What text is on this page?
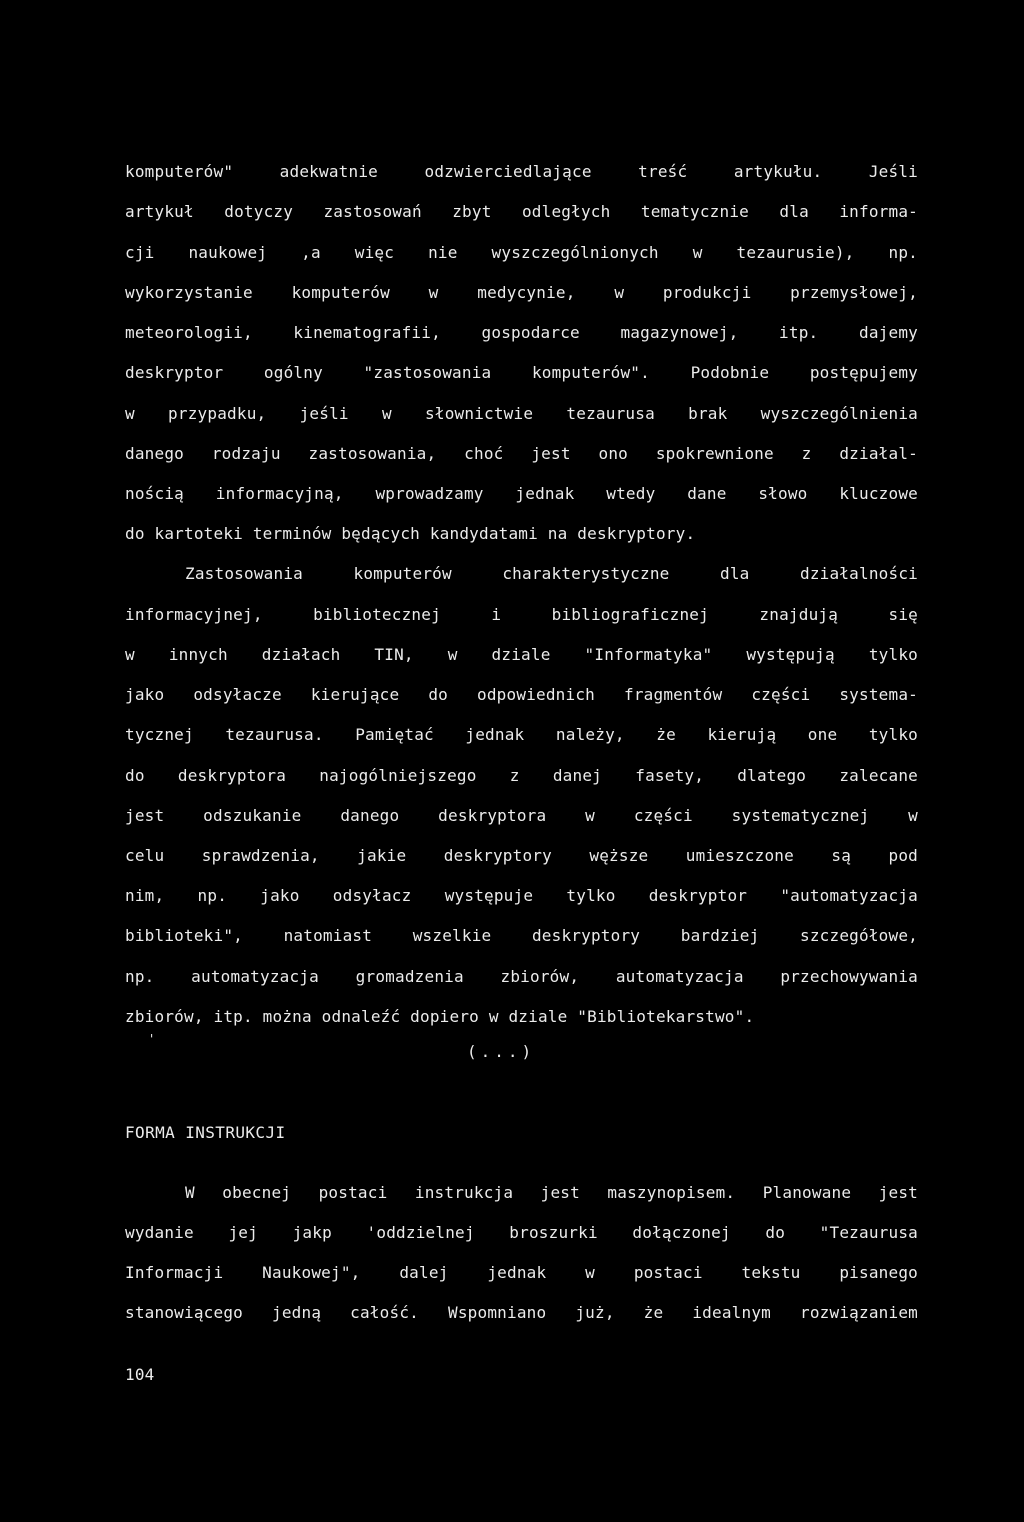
komputerów" adekwatnie odzwierciedlające treść artykułu. Jeśli
artykuł dotyczy zastosowań zbyt odległych tematycznie dla informa-
cji naukowej ,a więc nie wyszczególnionych w tezaurusie), np.
wykorzystanie komputerów w medycynie, w produkcji przemysłowej,
meteorologii, kinematografii, gospodarce magazynowej, itp. dajemy
deskryptor ogólny "zastosowania komputerów". Podobnie postępujemy
w przypadku, jeśli w słownictwie tezaurusa brak wyszczególnienia
danego rodzaju zastosowania, choć jest ono spokrewnione z działal-
nością informacyjną, wprowadzamy jednak wtedy dane słowo kluczowe
do kartoteki terminów będących kandydatami na deskryptory.
Zastosowania komputerów charakterystyczne dla działalności
informacyjnej, bibliotecznej i bibliograficznej znajdują się
w innych działach TIN, w dziale "Informatyka" występują tylko
jako odsyłacze kierujące do odpowiednich fragmentów części systema-
tycznej tezaurusa. Pamiętać jednak należy, że kierują one tylko
do deskryptora najogólniejszego z danej fasety, dlatego zalecane
jest odszukanie danego deskryptora w części systematycznej w
celu sprawdzenia, jakie deskryptory węższe umieszczone są pod
nim, np. jako odsyłacz występuje tylko deskryptor "automatyzacja
biblioteki", natomiast wszelkie deskryptory bardziej szczegółowe,
np. automatyzacja gromadzenia zbiorów, automatyzacja przechowywania
zbiorów, itp. można odnaleźć dopiero w dziale "Bibliotekarstwo".
'
(...)
FORMA INSTRUKCJI
W obecnej postaci instrukcja jest maszynopisem. Planowane jest
wydanie jej jakp 'oddzielnej broszurki dołączonej do "Tezaurusa
Informacji Naukowej", dalej jednak w postaci tekstu pisanego
stanowiącego jedną całość. Wspomniano już, że idealnym rozwiązaniem
104
